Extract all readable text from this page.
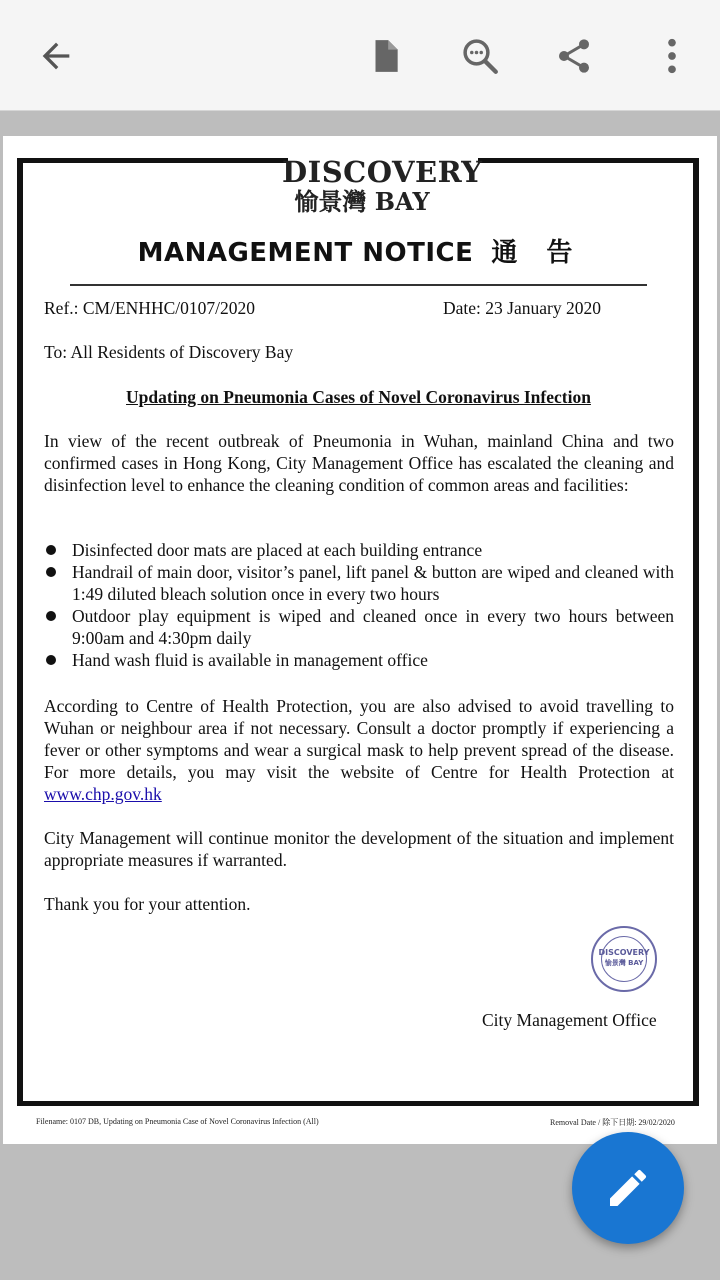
DISCOVERY
愉景灣 BAY
MANAGEMENT NOTICE 通 告
Ref.: CM/ENHHC/0107/2020	Date: 23 January 2020
To: All Residents of Discovery Bay
Updating on Pneumonia Cases of Novel Coronavirus Infection
In view of the recent outbreak of Pneumonia in Wuhan, mainland China and two confirmed cases in Hong Kong, City Management Office has escalated the cleaning and disinfection level to enhance the cleaning condition of common areas and facilities:
Disinfected door mats are placed at each building entrance
Handrail of main door, visitor’s panel, lift panel & button are wiped and cleaned with 1:49 diluted bleach solution once in every two hours
Outdoor play equipment is wiped and cleaned once in every two hours between 9:00am and 4:30pm daily
Hand wash fluid is available in management office
According to Centre of Health Protection, you are also advised to avoid travelling to Wuhan or neighbour area if not necessary. Consult a doctor promptly if experiencing a fever or other symptoms and wear a surgical mask to help prevent spread of the disease. For more details, you may visit the website of Centre for Health Protection at www.chp.gov.hk
City Management will continue monitor the development of the situation and implement appropriate measures if warranted.
Thank you for your attention.
DISCOVERY
愉景灣 BAY
City Management Office
Filename: 0107 DB, Updating on Pneumonia Case of Novel Coronavirus Infection (All)	Removal Date / 除下日期: 29/02/2020
